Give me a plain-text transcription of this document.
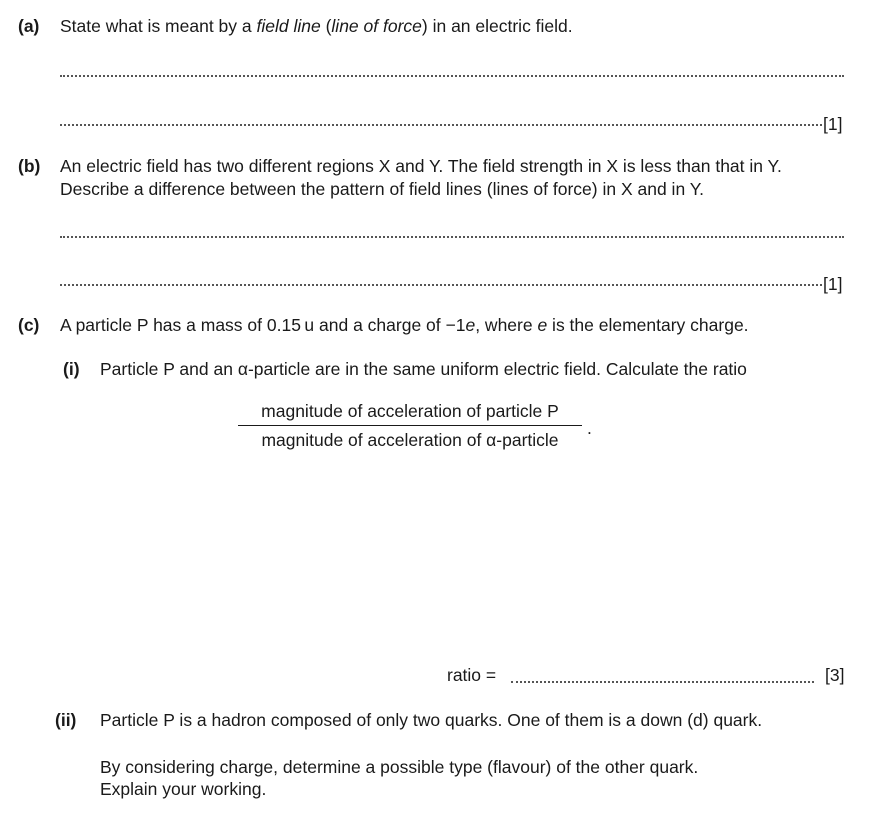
(a) State what is meant by a field line (line of force) in an electric field.
[1]
(b) An electric field has two different regions X and Y. The field strength in X is less than that in Y.
Describe a difference between the pattern of field lines (lines of force) in X and in Y.
[1]
(c) A particle P has a mass of 0.15 u and a charge of −1e, where e is the elementary charge.
(i) Particle P and an α-particle are in the same uniform electric field. Calculate the ratio
magnitude of acceleration of particle P
magnitude of acceleration of α-particle
.
ratio =	[3]
(ii) Particle P is a hadron composed of only two quarks. One of them is a down (d) quark.
By considering charge, determine a possible type (flavour) of the other quark.
Explain your working.
